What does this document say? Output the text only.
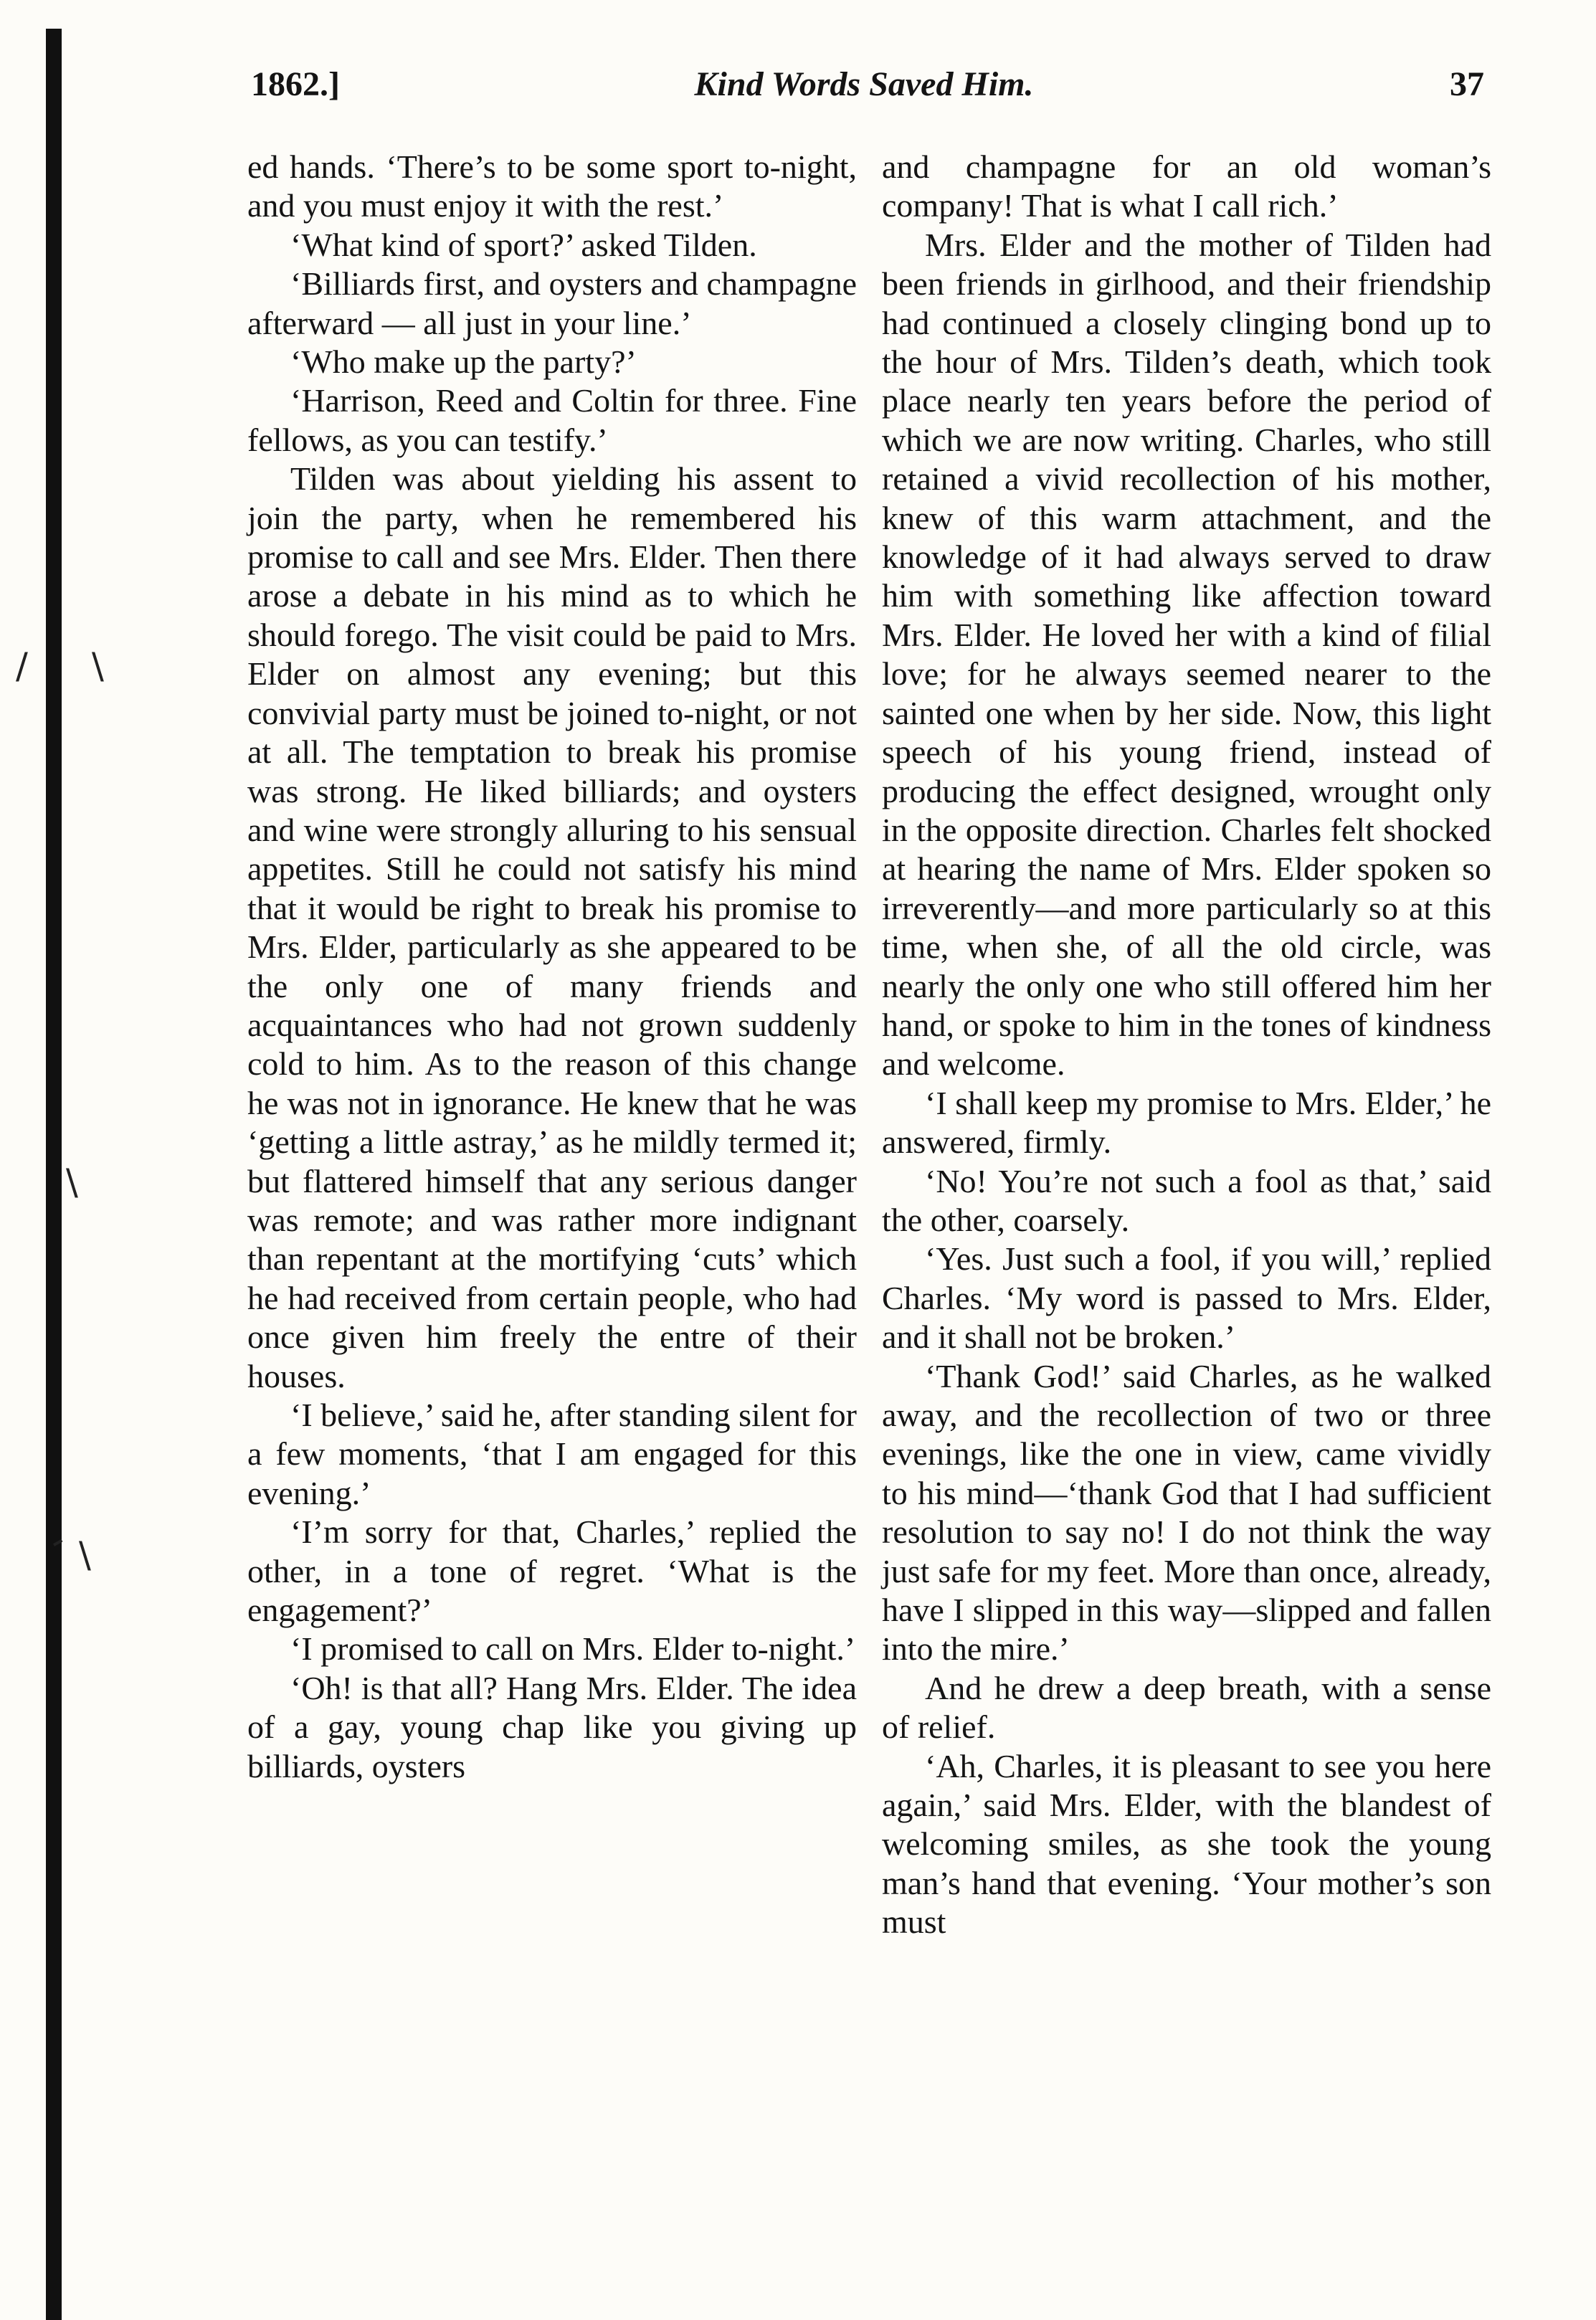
/ \
\
- \
1862.]	Kind Words Saved Him.	37

ed hands. ‘There’s to be some sport to-night, and you must enjoy it with the rest.’

‘What kind of sport?’ asked Tilden.

‘Billiards first, and oysters and champagne afterward — all just in your line.’

‘Who make up the party?’

‘Harrison, Reed and Coltin for three. Fine fellows, as you can testify.’

Tilden was about yielding his assent to join the party, when he remembered his promise to call and see Mrs. Elder. Then there arose a debate in his mind as to which he should forego. The visit could be paid to Mrs. Elder on almost any evening; but this convivial party must be joined to-night, or not at all. The temptation to break his promise was strong. He liked billiards; and oysters and wine were strongly alluring to his sensual appetites. Still he could not satisfy his mind that it would be right to break his promise to Mrs. Elder, particularly as she appeared to be the only one of many friends and acquaintances who had not grown suddenly cold to him. As to the reason of this change he was not in ignorance. He knew that he was ‘getting a little astray,’ as he mildly termed it; but flattered himself that any serious danger was remote; and was rather more indignant than repentant at the mortifying ‘cuts’ which he had received from certain people, who had once given him freely the entre of their houses.

‘I believe,’ said he, after standing silent for a few moments, ‘that I am engaged for this evening.’

‘I’m sorry for that, Charles,’ replied the other, in a tone of regret. ‘What is the engagement?’

‘I promised to call on Mrs. Elder to-night.’

‘Oh! is that all? Hang Mrs. Elder. The idea of a gay, young chap like you giving up billiards, oysters

and champagne for an old woman’s company! That is what I call rich.’

Mrs. Elder and the mother of Tilden had been friends in girlhood, and their friendship had continued a closely clinging bond up to the hour of Mrs. Tilden’s death, which took place nearly ten years before the period of which we are now writing. Charles, who still retained a vivid recollection of his mother, knew of this warm attachment, and the knowledge of it had always served to draw him with something like affection toward Mrs. Elder. He loved her with a kind of filial love; for he always seemed nearer to the sainted one when by her side. Now, this light speech of his young friend, instead of producing the effect designed, wrought only in the opposite direction. Charles felt shocked at hearing the name of Mrs. Elder spoken so irreverently—and more particularly so at this time, when she, of all the old circle, was nearly the only one who still offered him her hand, or spoke to him in the tones of kindness and welcome.

‘I shall keep my promise to Mrs. Elder,’ he answered, firmly.

‘No! You’re not such a fool as that,’ said the other, coarsely.

‘Yes. Just such a fool, if you will,’ replied Charles. ‘My word is passed to Mrs. Elder, and it shall not be broken.’

‘Thank God!’ said Charles, as he walked away, and the recollection of two or three evenings, like the one in view, came vividly to his mind—‘thank God that I had sufficient resolution to say no! I do not think the way just safe for my feet. More than once, already, have I slipped in this way—slipped and fallen into the mire.’

And he drew a deep breath, with a sense of relief.

‘Ah, Charles, it is pleasant to see you here again,’ said Mrs. Elder, with the blandest of welcoming smiles, as she took the young man’s hand that evening. ‘Your mother’s son must
